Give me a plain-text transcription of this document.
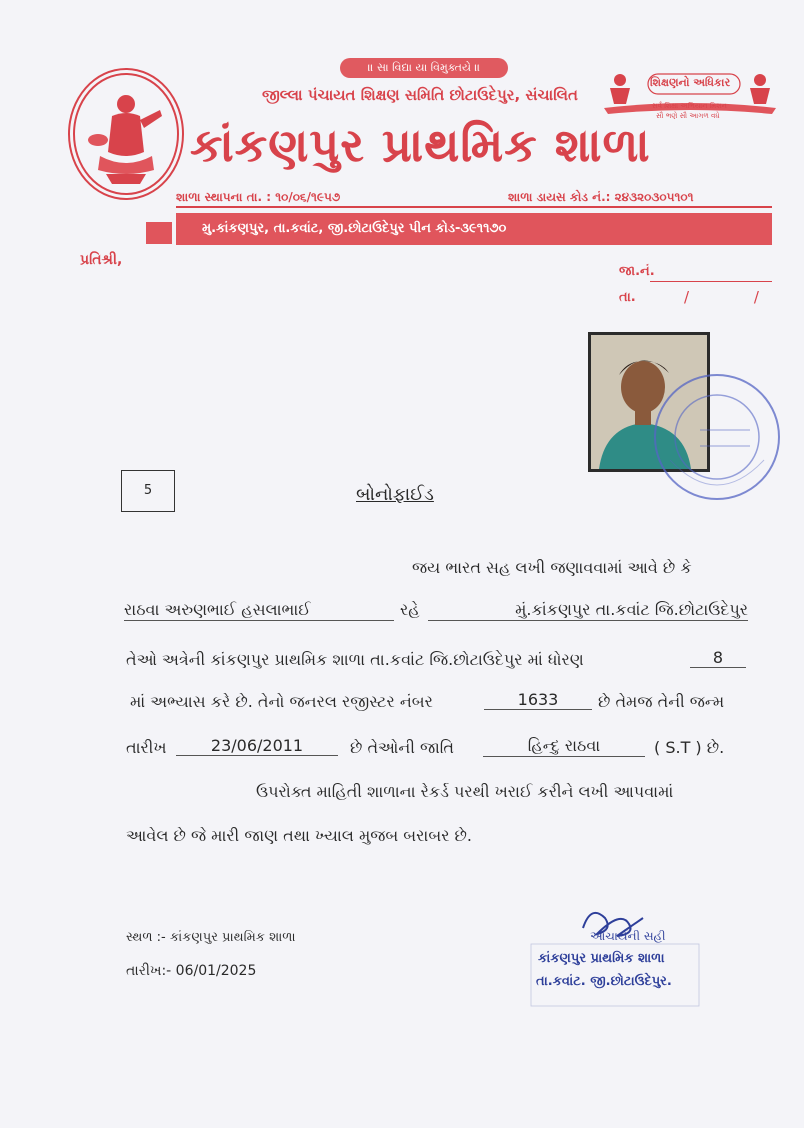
॥ સા વિદ્યા યા વિમુક્તયે ॥
જીલ્લા પંચાયત શિક્ષણ સમિતિ છોટાઉદેપુર, સંચાલિત
કાંકણપુર પ્રાથમિક શાળા
શિક્ષણનો અધિકાર
સર્વ શિક્ષા અભિયાન મિશન
સૌ ભણે સૌ આગળ વધે
શાળા સ્થાપના તા. : ૧૦/૦૬/૧૯૫૭	શાળા ડાયસ કોડ નં.: ૨૪૩૨૦૩૦૫૧૦૧
મુ.કાંકણપુર, તા.કવાંટ, જી.છોટાઉદેપુર પીન કોડ-૩૯૧૧૭૦
પ્રતિશ્રી,
જા.નં.
તા.	/ /
5	બોનોફાઈડ
જય ભારત સહ લખી જણાવવામાં આવે છે કે
રાઠવા અરુણભાઈ હસલાભાઈ	રહે	મું.કાંકણપુર તા.કવાંટ જિ.છોટાઉદેપુર
તેઓ અત્રેની કાંકણપુર પ્રાથમિક શાળા તા.કવાંટ જિ.છોટાઉદેપુર માં ધોરણ	8
માં અભ્યાસ કરે છે. તેનો જનરલ રજીસ્ટર નંબર	1633	છે તેમજ તેની જન્મ
તારીખ	23/06/2011	છે તેઓની જાતિ	હિન્દુ રાઠવા	( S.T ) છે.
ઉપરોક્ત માહિતી શાળાના રેકર્ડ પરથી ખરાઈ કરીને લખી આપવામાં
આવેલ છે જે મારી જાણ તથા ખ્યાલ મુજબ બરાબર છે.
સ્થળ :- કાંકણપુર પ્રાથમિક શાળા
તારીખ:- 06/01/2025
આચાર્યની સહી
કાંકણપુર પ્રાથમિક શાળા
તા.કવાંટ. જી.છોટાઉદેપુર.
